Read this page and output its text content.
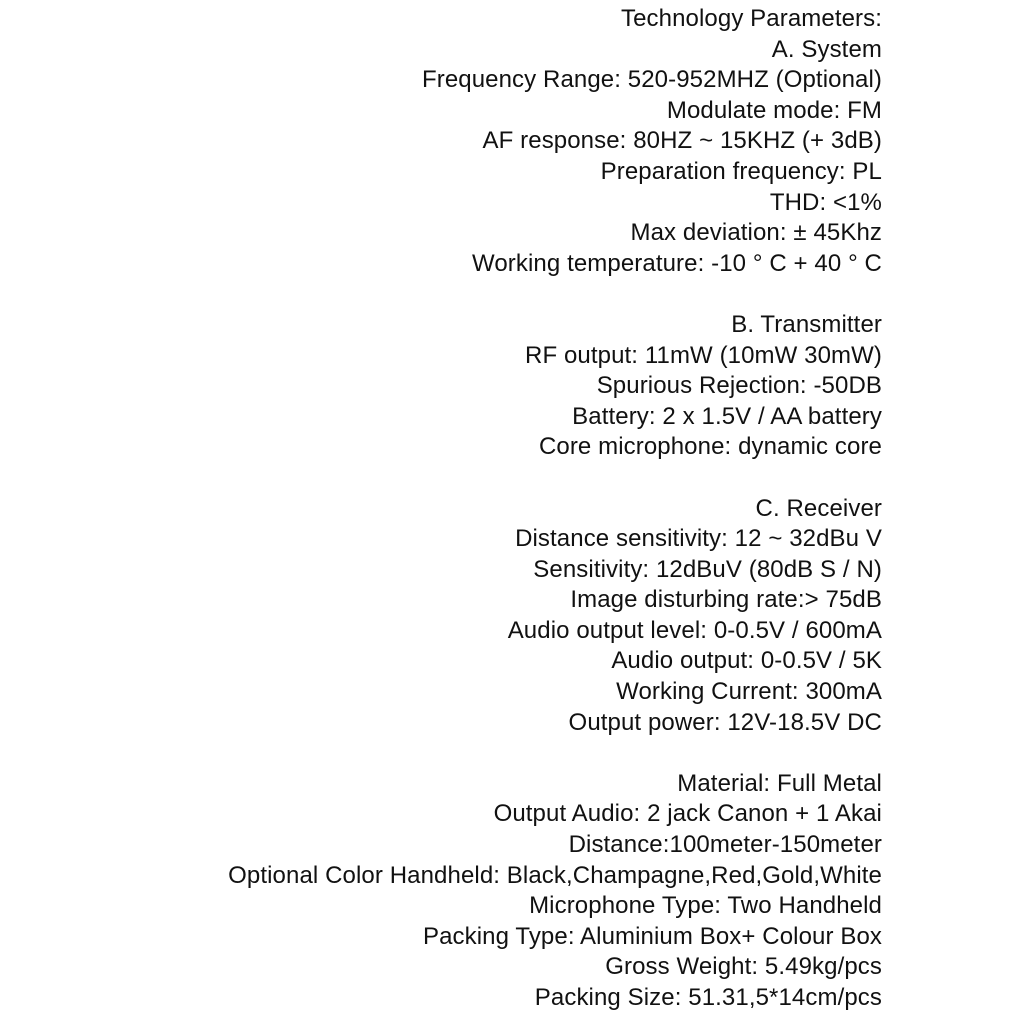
Technology Parameters:
A. System
Frequency Range: 520-952MHZ (Optional)
Modulate mode: FM
AF response: 80HZ ~ 15KHZ (+ 3dB)
Preparation frequency: PL
THD: <1%
Max deviation: ± 45Khz
Working temperature: -10 ° C + 40 ° C
B. Transmitter
RF output: 11mW (10mW 30mW)
Spurious Rejection: -50DB
Battery: 2 x 1.5V / AA battery
Core microphone: dynamic core
C. Receiver
Distance sensitivity: 12 ~ 32dBu V
Sensitivity: 12dBuV (80dB S / N)
Image disturbing rate:> 75dB
Audio output level: 0-0.5V / 600mA
Audio output: 0-0.5V / 5K
Working Current: 300mA
Output power: 12V-18.5V DC
Material: Full Metal
Output Audio: 2 jack Canon + 1 Akai
Distance:100meter-150meter
Optional Color Handheld: Black,Champagne,Red,Gold,White
Microphone Type: Two Handheld
Packing Type: Aluminium Box+ Colour Box
Gross Weight: 5.49kg/pcs
Packing Size: 51.31,5*14cm/pcs
